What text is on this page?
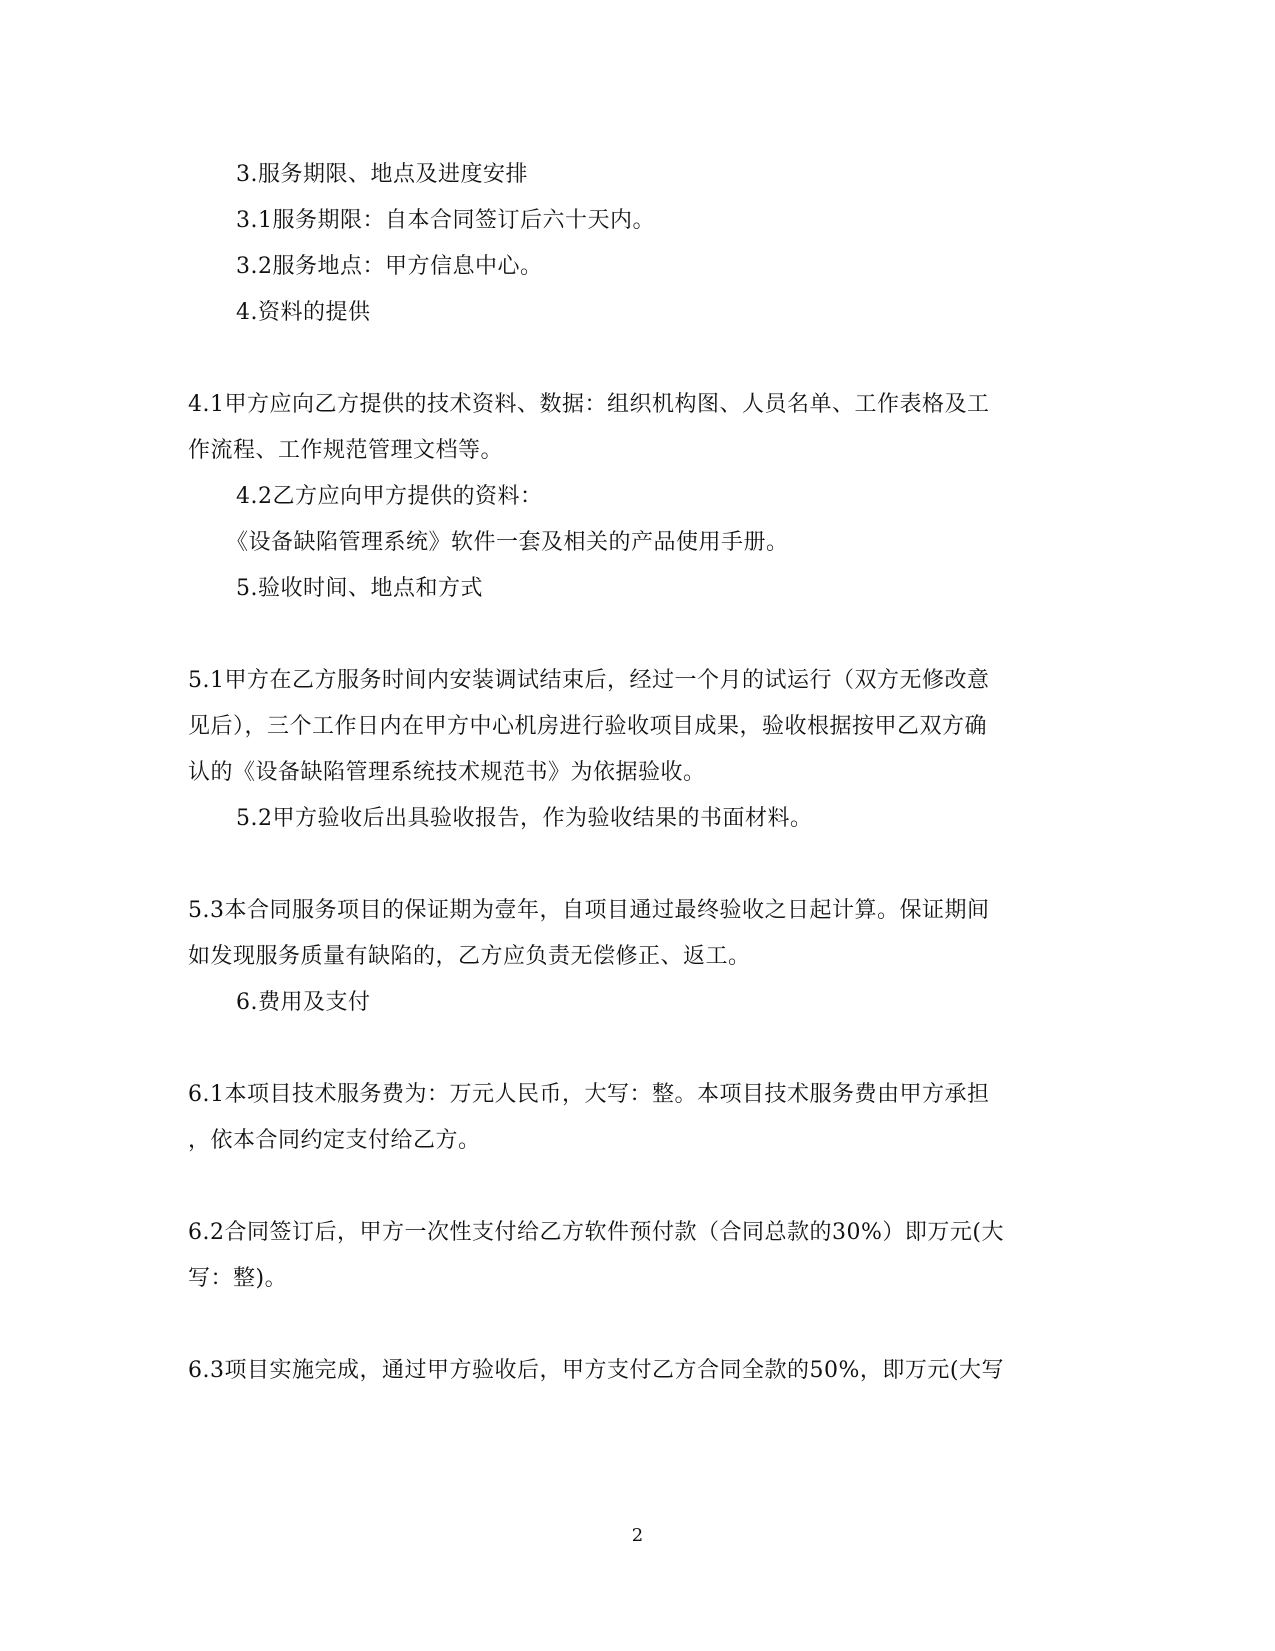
3.服务期限、地点及进度安排
3.1服务期限：自本合同签订后六十天内。
3.2服务地点：甲方信息中心。
4.资料的提供
4.1甲方应向乙方提供的技术资料、数据：组织机构图、人员名单、工作表格及工
作流程、工作规范管理文档等。
4.2乙方应向甲方提供的资料：
《设备缺陷管理系统》软件一套及相关的产品使用手册。
5.验收时间、地点和方式
5.1甲方在乙方服务时间内安装调试结束后，经过一个月的试运行（双方无修改意
见后），三个工作日内在甲方中心机房进行验收项目成果，验收根据按甲乙双方确
认的《设备缺陷管理系统技术规范书》为依据验收。
5.2甲方验收后出具验收报告，作为验收结果的书面材料。
5.3本合同服务项目的保证期为壹年，自项目通过最终验收之日起计算。保证期间
如发现服务质量有缺陷的，乙方应负责无偿修正、返工。
6.费用及支付
6.1本项目技术服务费为：万元人民币，大写：整。本项目技术服务费由甲方承担
，依本合同约定支付给乙方。
6.2合同签订后，甲方一次性支付给乙方软件预付款（合同总款的30%）即万元(大
写：整)。
6.3项目实施完成，通过甲方验收后，甲方支付乙方合同全款的50%，即万元(大写
2
